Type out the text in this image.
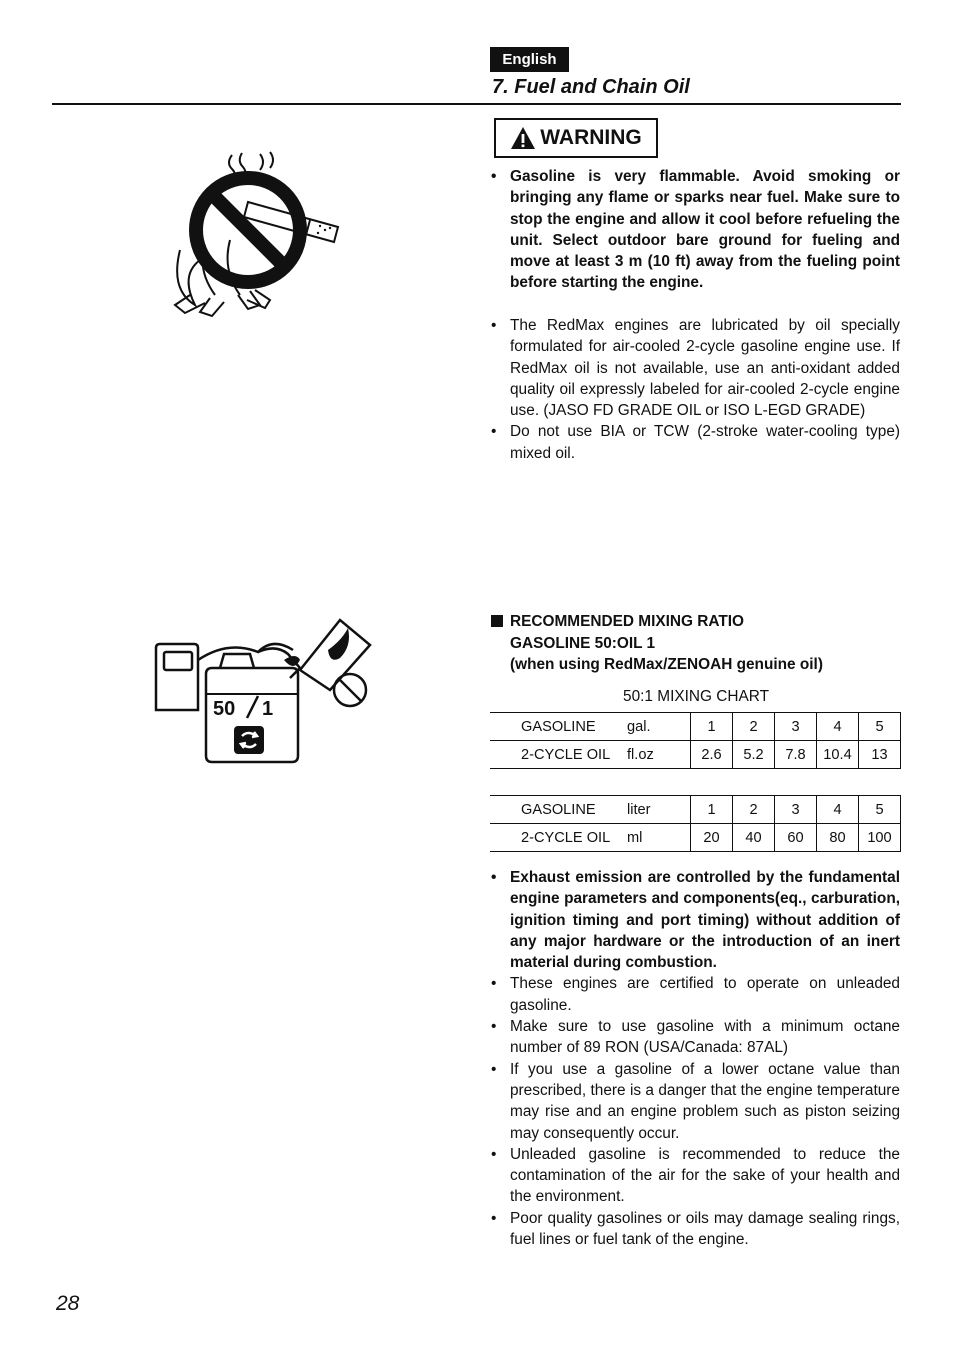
English
7. Fuel and Chain Oil
WARNING
• Gasoline is very flammable. Avoid smoking or bringing any flame or sparks near fuel. Make sure to stop the engine and allow it cool before refueling the unit. Select outdoor bare ground for fueling and move at least 3 m (10 ft) away from the fueling point before starting the engine.
• The RedMax engines are lubricated by oil specially formulated for air-cooled 2-cycle gasoline engine use. If RedMax oil is not available, use an anti-oxidant added quality oil expressly labeled for air-cooled 2-cycle engine use. (JASO FD GRADE OIL or ISO L-EGD GRADE)
• Do not use BIA or TCW (2-stroke water-cooling type) mixed oil.
50 1
RECOMMENDED MIXING RATIO
GASOLINE 50:OIL 1
(when using RedMax/ZENOAH genuine oil)
50:1 MIXING CHART
GASOLINE gal.	1	2	3	4	5
2-CYCLE OIL fl.oz	2.6	5.2	7.8	10.4	13
GASOLINE liter	1	2	3	4	5
2-CYCLE OIL ml	20	40	60	80	100
• Exhaust emission are controlled by the fundamental engine parameters and components(eq., carburation, ignition timing and port timing) without addition of any major hardware or the introduction of an inert material during combustion.
• These engines are certified to operate on unleaded gasoline.
• Make sure to use gasoline with a minimum octane number of 89 RON (USA/Canada: 87AL)
• If you use a gasoline of a lower octane value than prescribed, there is a danger that the engine temperature may rise and an engine problem such as piston seizing may consequently occur.
• Unleaded gasoline is recommended to reduce the contamination of the air for the sake of your health and the environment.
• Poor quality gasolines or oils may damage sealing rings, fuel lines or fuel tank of the engine.
28
